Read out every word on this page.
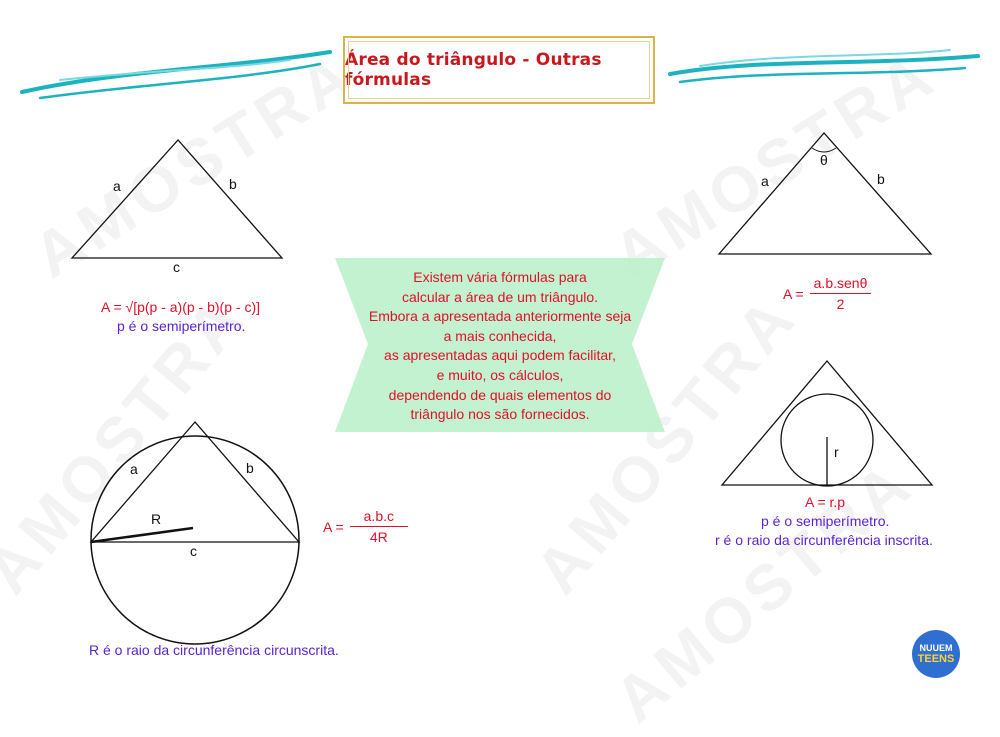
Área do triângulo - Outras fórmulas
a	b
c
A = √[p(p - a)(p - b)(p - c)]
p é o semiperímetro.
θ
a	b
$A = \frac{\text{a.b.senθ}}{2}$
Existem vária fórmulas para
calcular a área de um triângulo.
Embora a apresentada anteriormente seja
a mais conhecida,
as apresentadas aqui podem facilitar,
e muito, os cálculos,
dependendo de quais elementos do
triângulo nos são fornecidos.
a	b
R
c
$A = \frac{a.b.c}{4R}$
R é o raio da circunferência circunscrita.
r
A = r.p
p é o semiperímetro.
r é o raio da circunferência inscrita.
NUUEM
TEENS
